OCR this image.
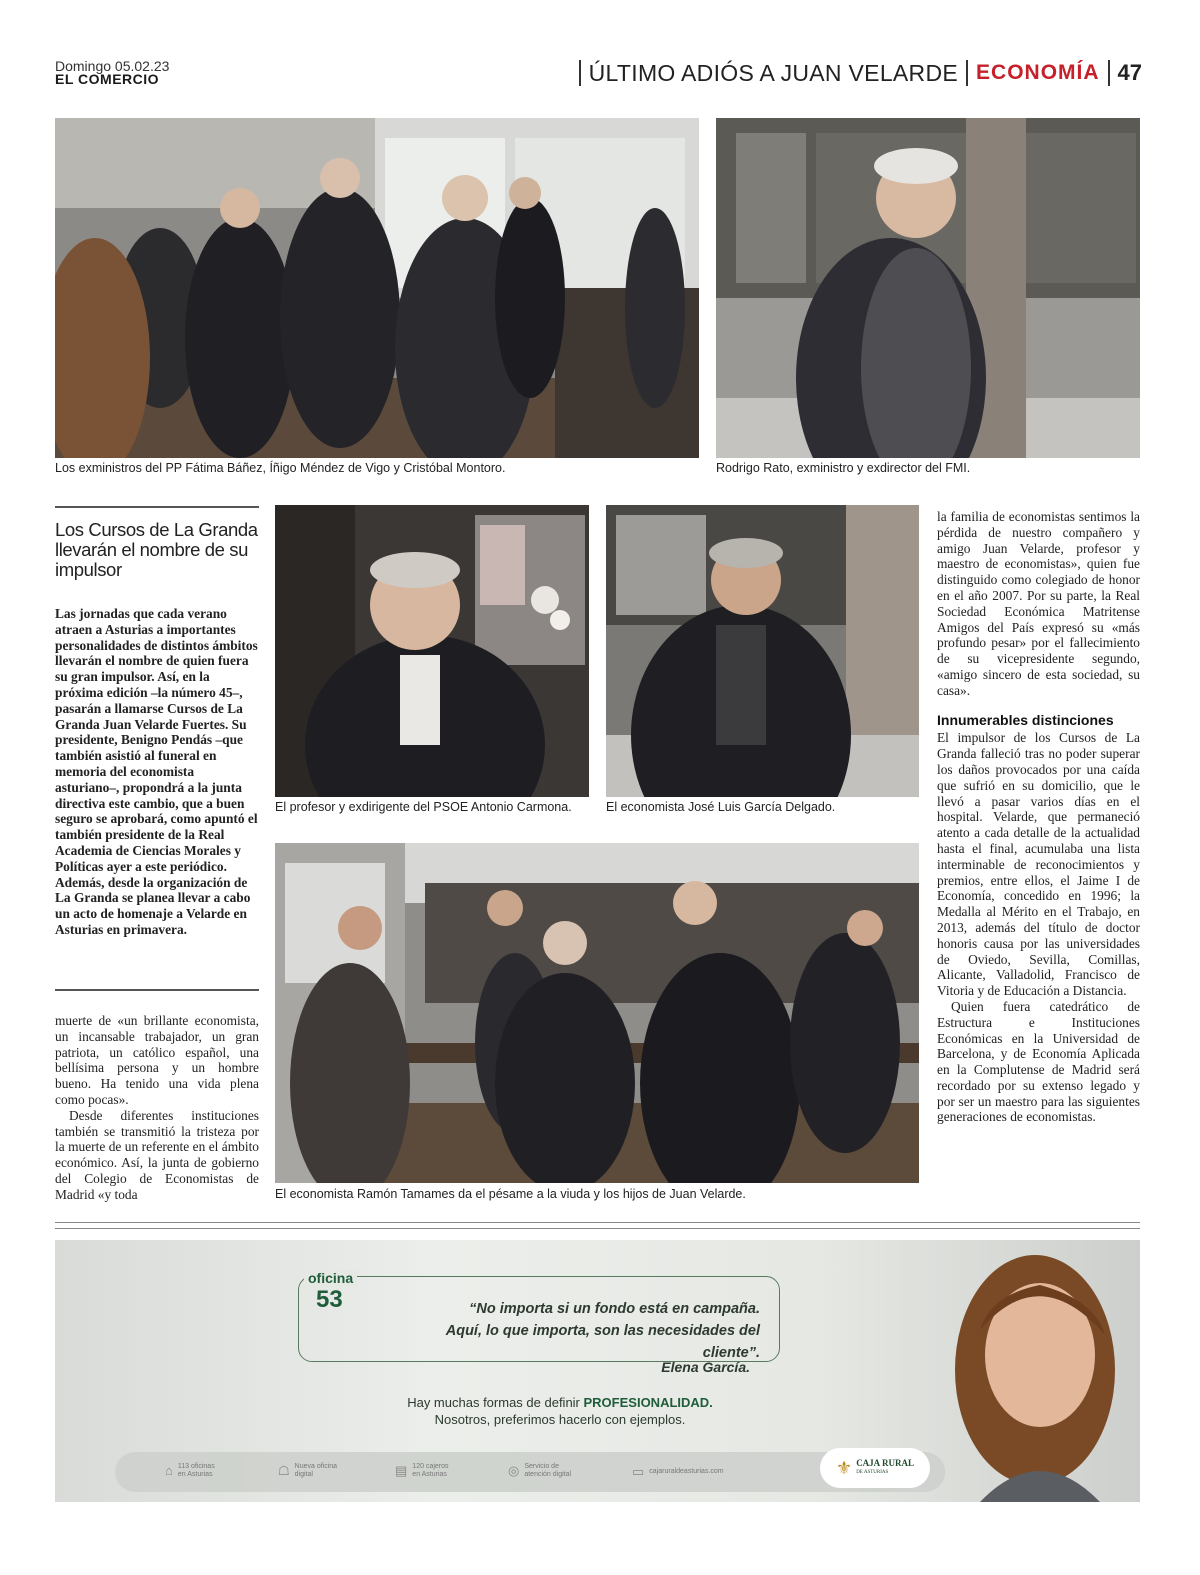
Domingo 05.02.23
EL COMERCIO	ÚLTIMO ADIÓS A JUAN VELARDE ECONOMÍA 47
Los exministros del PP Fátima Báñez, Íñigo Méndez de Vigo y Cristóbal Montoro.	Rodrigo Rato, exministro y exdirector del FMI.
Los Cursos de La Granda llevarán el nombre de su impulsor
Las jornadas que cada verano atraen a Asturias a importantes personalidades de distintos ámbitos llevarán el nombre de quien fuera su gran impulsor. Así, en la próxima edición –la número 45–, pasarán a llamarse Cursos de La Granda Juan Velarde Fuertes. Su presidente, Benigno Pendás –que también asistió al funeral en memoria del economista asturiano–, propondrá a la junta directiva este cambio, que a buen seguro se aprobará, como apuntó el también presidente de la Real Academia de Ciencias Morales y Políticas ayer a este periódico. Además, desde la organización de La Granda se planea llevar a cabo un acto de homenaje a Velarde en Asturias en primavera.

muerte de «un brillante economista, un incansable trabajador, un gran patriota, un católico español, una bellísima persona y un hombre bueno. Ha tenido una vida plena como pocas».

Desde diferentes instituciones también se transmitió la tristeza por la muerte de un referente en el ámbito económico. Así, la junta de gobierno del Colegio de Economistas de Madrid «y toda

El profesor y exdirigente del PSOE Antonio Carmona.	El economista José Luis García Delgado.
El economista Ramón Tamames da el pésame a la viuda y los hijos de Juan Velarde.

la familia de economistas sentimos la pérdida de nuestro compañero y amigo Juan Velarde, profesor y maestro de economistas», quien fue distinguido como colegiado de honor en el año 2007. Por su parte, la Real Sociedad Económica Matritense Amigos del País expresó su «más profundo pesar» por el fallecimiento de su vicepresidente segundo, «amigo sincero de esta sociedad, su casa».

Innumerables distinciones

El impulsor de los Cursos de La Granda falleció tras no poder superar los daños provocados por una caída que sufrió en su domicilio, que le llevó a pasar varios días en el hospital. Velarde, que permaneció atento a cada detalle de la actualidad hasta el final, acumulaba una lista interminable de reconocimientos y premios, entre ellos, el Jaime I de Economía, concedido en 1996; la Medalla al Mérito en el Trabajo, en 2013, además del título de doctor honoris causa por las universidades de Oviedo, Sevilla, Comillas, Alicante, Valladolid, Francisco de Vitoria y de Educación a Distancia.

Quien fuera catedrático de Estructura e Instituciones Económicas en la Universidad de Barcelona, y de Economía Aplicada en la Complutense de Madrid será recordado por su extenso legado y por ser un maestro para las siguientes generaciones de economistas.

oficina
53	“No importa si un fondo está en campaña.
Aquí, lo que importa, son las necesidades del cliente”.
Elena García.
Hay muchas formas de definir PROFESIONALIDAD.
Nosotros, preferimos hacerlo con ejemplos.
⌂ 113 oficinas
en Asturias	☖ Nueva oficina
digital	▤ 120 cajeros
en Asturias	◎ Servicio de
atención digital	▭ cajaruraldeasturias.com	⚜ CAJA RURAL
DE ASTURIAS
